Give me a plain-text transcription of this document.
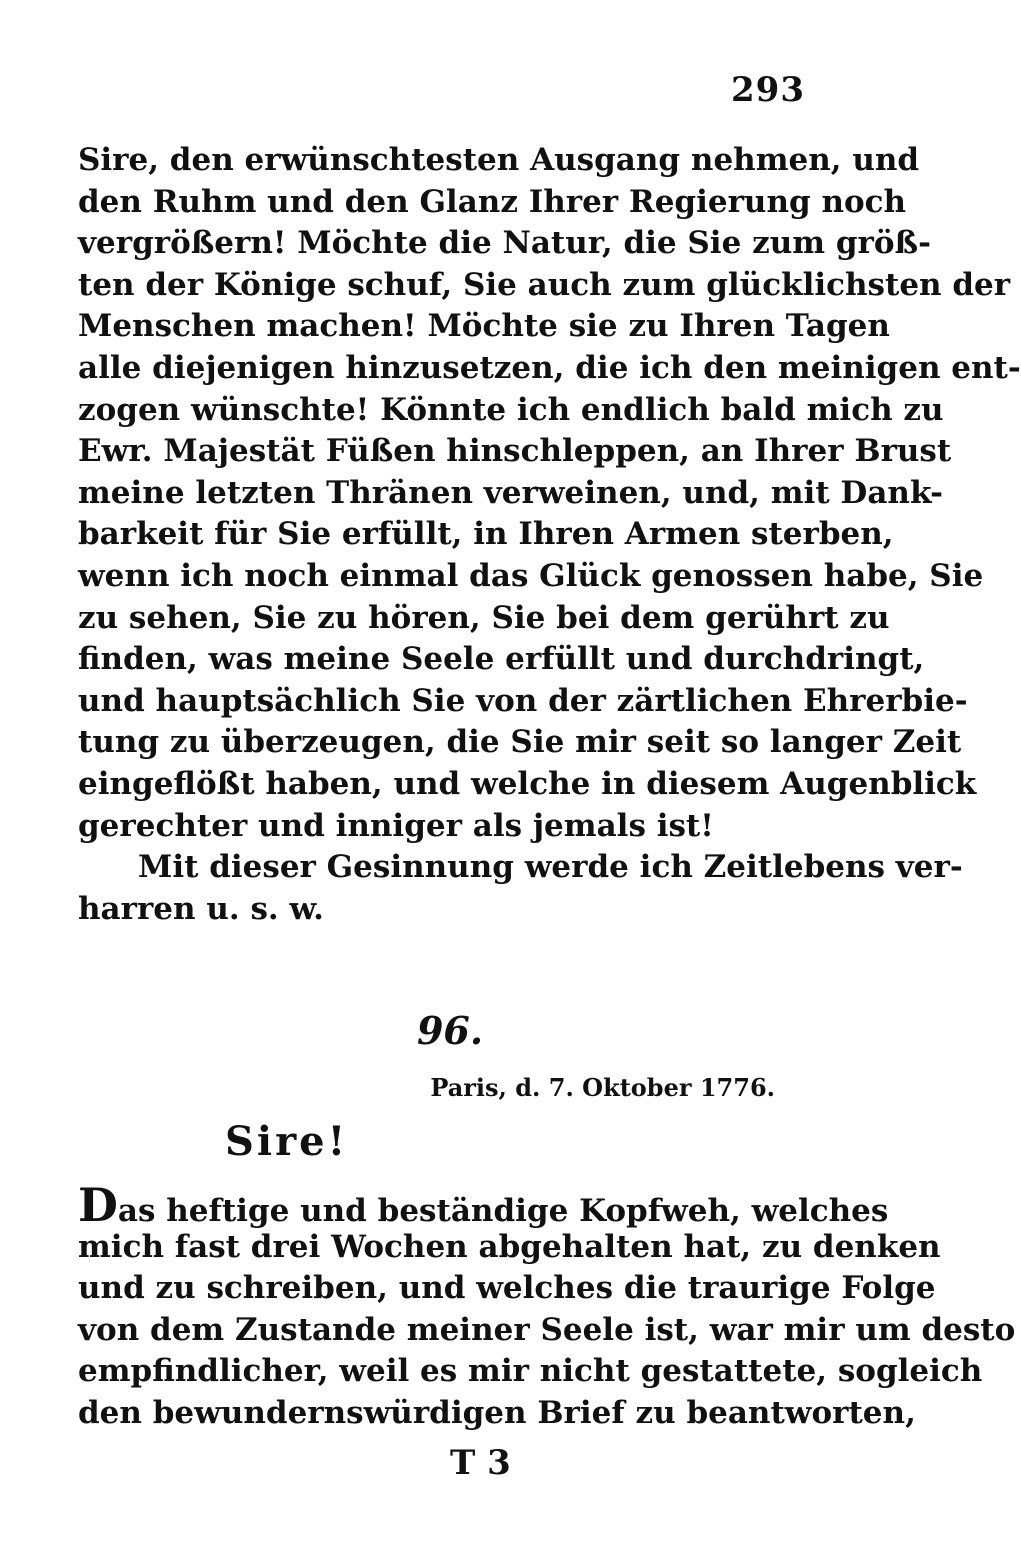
293
Sire, den erwünschtesten Ausgang nehmen, und
den Ruhm und den Glanz Ihrer Regierung noch
vergrößern! Möchte die Natur, die Sie zum größ-
ten der Könige schuf, Sie auch zum glücklichsten der
Menschen machen! Möchte sie zu Ihren Tagen
alle diejenigen hinzusetzen, die ich den meinigen ent-
zogen wünschte! Könnte ich endlich bald mich zu
Ewr. Majestät Füßen hinschleppen, an Ihrer Brust
meine letzten Thränen verweinen, und, mit Dank-
barkeit für Sie erfüllt, in Ihren Armen sterben,
wenn ich noch einmal das Glück genossen habe, Sie
zu sehen, Sie zu hören, Sie bei dem gerührt zu
finden, was meine Seele erfüllt und durchdringt,
und hauptsächlich Sie von der zärtlichen Ehrerbie-
tung zu überzeugen, die Sie mir seit so langer Zeit
eingeflößt haben, und welche in diesem Augenblick
gerechter und inniger als jemals ist!
Mit dieser Gesinnung werde ich Zeitlebens ver-
harren u. s. w.
96.
Paris, d. 7. Oktober 1776.
Sire!
Das heftige und beständige Kopfweh, welches
mich fast drei Wochen abgehalten hat, zu denken
und zu schreiben, und welches die traurige Folge
von dem Zustande meiner Seele ist, war mir um desto
empfindlicher, weil es mir nicht gestattete, sogleich
den bewundernswürdigen Brief zu beantworten,
T 3
